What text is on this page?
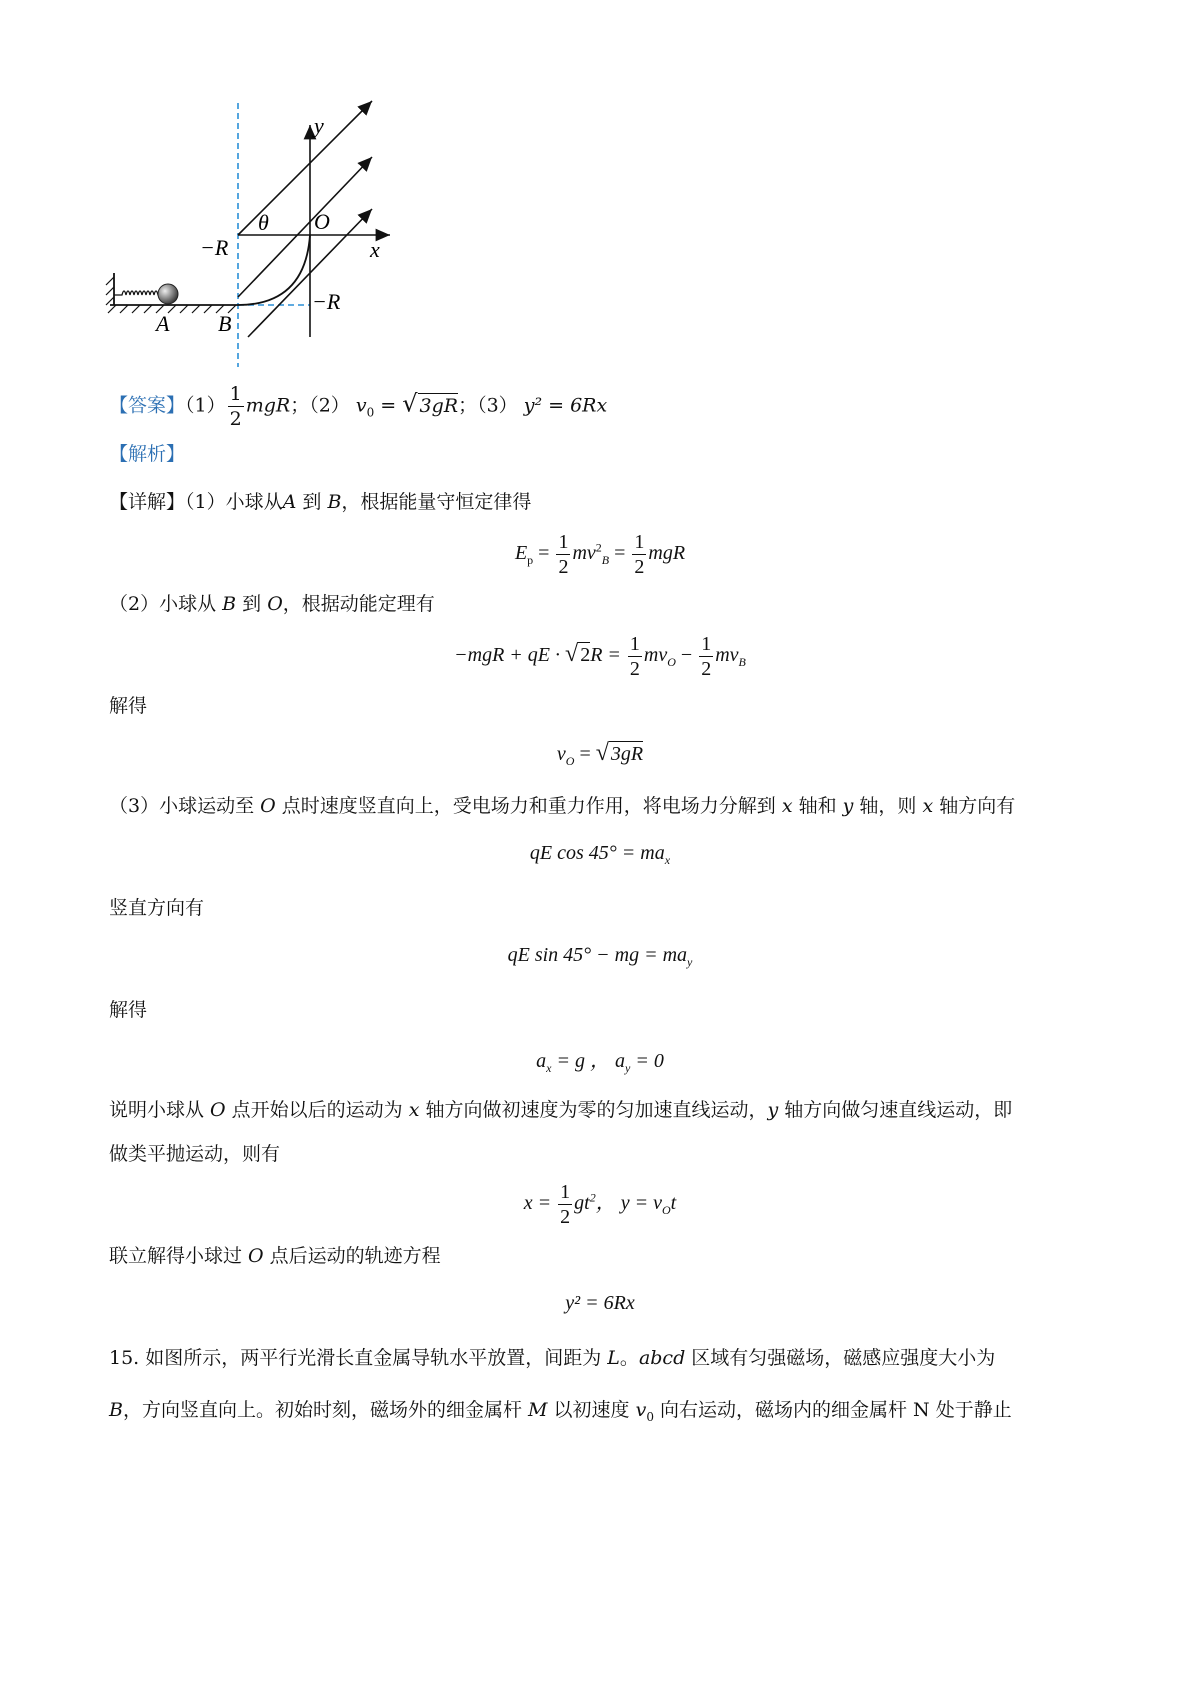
y
x
θ O
−R
−R
A B
【答案】$(1) \frac{1}{2}$ mgR；（2） $v_0$ = √ 3gR；（3） y² = 6Rx
【解析】
【详解】（1）小球从A 到 B，根据能量守恒定律得
$E_p = \frac{1}{2} mv^2_B = \frac{1}{2}$ mgR
（2）小球从 B 到 O，根据动能定理有
−mgR + qE · √ $2R = \frac{1}{2} mv_O - \frac{1}{2} mv_B$
解得
$v_O$ = √ 3gR
（3）小球运动至 O 点时速度竖直向上，受电场力和重力作用，将电场力分解到 x 轴和 y 轴，则 x 轴方向有
qE $\cos 45^\circ = ma_x$
竖直方向有
qE sin 45° − mg = $ma_y$
解得
$a_x = g$ ， $a_y = 0$
说明小球从 O 点开始以后的运动为 x 轴方向做初速度为零的匀加速直线运动，y 轴方向做匀速直线运动，即
做类平抛运动，则有
$x = \frac{1}{2} gt^2$， $y = v_Ot$
联立解得小球过 O 点后运动的轨迹方程
y² = 6Rx
15. 如图所示，两平行光滑长直金属导轨水平放置，间距为 L。abcd 区域有匀强磁场，磁感应强度大小为
B，方向竖直向上。初始时刻，磁场外的细金属杆 M 以初速度 $v_0$ 向右运动，磁场内的细金属杆 N 处于静止
